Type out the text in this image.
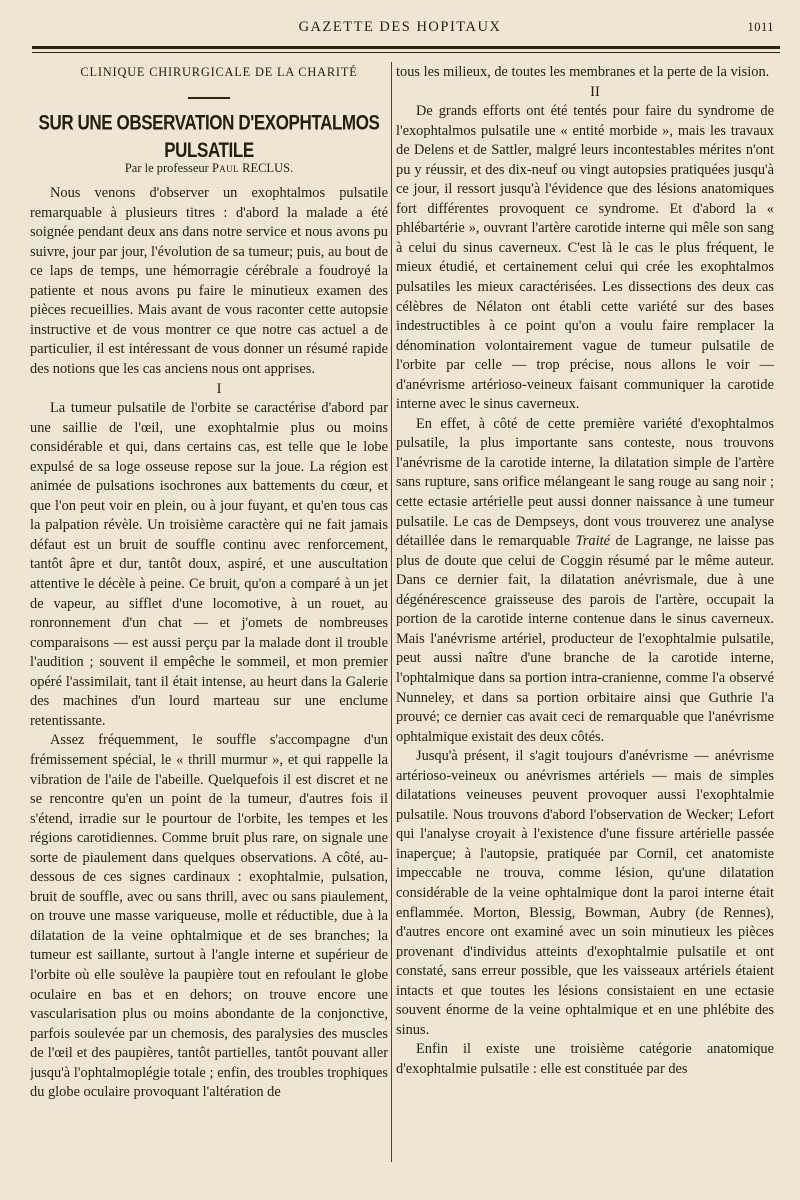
GAZETTE DES HOPITAUX	1011

CLINIQUE CHIRURGICALE DE LA CHARITÉ

SUR UNE OBSERVATION D'EXOPHTALMOS PULSATILE

Par le professeur Paul RECLUS.

Nous venons d'observer un exophtalmos pulsatile remarquable à plusieurs titres : d'abord la malade a été soignée pendant deux ans dans notre service et nous avons pu suivre, jour par jour, l'évolution de sa tumeur; puis, au bout de ce laps de temps, une hémorragie cérébrale a foudroyé la patiente et nous avons pu faire le minutieux examen des pièces recueillies. Mais avant de vous raconter cette autopsie instructive et de vous montrer ce que notre cas actuel a de particulier, il est intéressant de vous donner un résumé rapide des notions que les cas anciens nous ont apprises.

I

La tumeur pulsatile de l'orbite se caractérise d'abord par une saillie de l'œil, une exophtalmie plus ou moins considérable et qui, dans certains cas, est telle que le lobe expulsé de sa loge osseuse repose sur la joue. La région est animée de pulsations isochrones aux battements du cœur, et que l'on peut voir en plein, ou à jour fuyant, et qu'en tous cas la palpation révèle. Un troisième caractère qui ne fait jamais défaut est un bruit de souffle continu avec renforcement, tantôt âpre et dur, tantôt doux, aspiré, et une auscultation attentive le décèle à peine. Ce bruit, qu'on a comparé à un jet de vapeur, au sifflet d'une locomotive, à un rouet, au ronronnement d'un chat — et j'omets de nombreuses comparaisons — est aussi perçu par la malade dont il trouble l'audition ; souvent il empêche le sommeil, et mon premier opéré l'assimilait, tant il était intense, au heurt dans la Galerie des machines d'un lourd marteau sur une enclume retentissante.

Assez fréquemment, le souffle s'accompagne d'un frémissement spécial, le « thrill murmur », et qui rappelle la vibration de l'aile de l'abeille. Quelquefois il est discret et ne se rencontre qu'en un point de la tumeur, d'autres fois il s'étend, irradie sur le pourtour de l'orbite, les tempes et les régions carotidiennes. Comme bruit plus rare, on signale une sorte de piaulement dans quelques observations. A côté, au-dessous de ces signes cardinaux : exophtalmie, pulsation, bruit de souffle, avec ou sans thrill, avec ou sans piaulement, on trouve une masse variqueuse, molle et réductible, due à la dilatation de la veine ophtalmique et de ses branches; la tumeur est saillante, surtout à l'angle interne et supérieur de l'orbite où elle soulève la paupière tout en refoulant le globe oculaire en bas et en dehors; on trouve encore une vascularisation plus ou moins abondante de la conjonctive, parfois soulevée par un chemosis, des paralysies des muscles de l'œil et des paupières, tantôt partielles, tantôt pouvant aller jusqu'à l'ophtalmoplégie totale ; enfin, des troubles trophiques du globe oculaire provoquant l'altération de

tous les milieux, de toutes les membranes et la perte de la vision.

II

De grands efforts ont été tentés pour faire du syndrome de l'exophtalmos pulsatile une « entité morbide », mais les travaux de Delens et de Sattler, malgré leurs incontestables mérites n'ont pu y réussir, et des dix-neuf ou vingt autopsies pratiquées jusqu'à ce jour, il ressort jusqu'à l'évidence que des lésions anatomiques fort différentes provoquent ce syndrome. Et d'abord la « phlébartérie », ouvrant l'artère carotide interne qui mêle son sang à celui du sinus caverneux. C'est là le cas le plus fréquent, le mieux étudié, et certainement celui qui crée les exophtalmos pulsatiles les mieux caractérisées. Les dissections des deux cas célèbres de Nélaton ont établi cette variété sur des bases indestructibles à ce point qu'on a voulu faire remplacer la dénomination volontairement vague de tumeur pulsatile de l'orbite par celle — trop précise, nous allons le voir — d'anévrisme artérioso-veineux faisant communiquer la carotide interne avec le sinus caverneux.

En effet, à côté de cette première variété d'exophtalmos pulsatile, la plus importante sans conteste, nous trouvons l'anévrisme de la carotide interne, la dilatation simple de l'artère sans rupture, sans orifice mélangeant le sang rouge au sang noir ; cette ectasie artérielle peut aussi donner naissance à une tumeur pulsatile. Le cas de Dempseys, dont vous trouverez une analyse détaillée dans le remarquable Traité de Lagrange, ne laisse pas plus de doute que celui de Coggin résumé par le même auteur. Dans ce dernier fait, la dilatation anévrismale, due à une dégénérescence graisseuse des parois de l'artère, occupait la portion de la carotide interne contenue dans le sinus caverneux. Mais l'anévrisme artériel, producteur de l'exophtalmie pulsatile, peut aussi naître d'une branche de la carotide interne, l'ophtalmique dans sa portion intra-cranienne, comme l'a observé Nunneley, et dans sa portion orbitaire ainsi que Guthrie l'a prouvé; ce dernier cas avait ceci de remarquable que l'anévrisme ophtalmique existait des deux côtés.

Jusqu'à présent, il s'agit toujours d'anévrisme — anévrisme artérioso-veineux ou anévrismes artériels — mais de simples dilatations veineuses peuvent provoquer aussi l'exophtalmie pulsatile. Nous trouvons d'abord l'observation de Wecker; Lefort qui l'analyse croyait à l'existence d'une fissure artérielle passée inaperçue; à l'autopsie, pratiquée par Cornil, cet anatomiste impeccable ne trouva, comme lésion, qu'une dilatation considérable de la veine ophtalmique dont la paroi interne était enflammée. Morton, Blessig, Bowman, Aubry (de Rennes), d'autres encore ont examiné avec un soin minutieux les pièces provenant d'individus atteints d'exophtalmie pulsatile et ont constaté, sans erreur possible, que les vaisseaux artériels étaient intacts et que toutes les lésions consistaient en une ectasie souvent énorme de la veine ophtalmique et en une phlébite des sinus.

Enfin il existe une troisième catégorie anatomique d'exophtalmie pulsatile : elle est constituée par des
